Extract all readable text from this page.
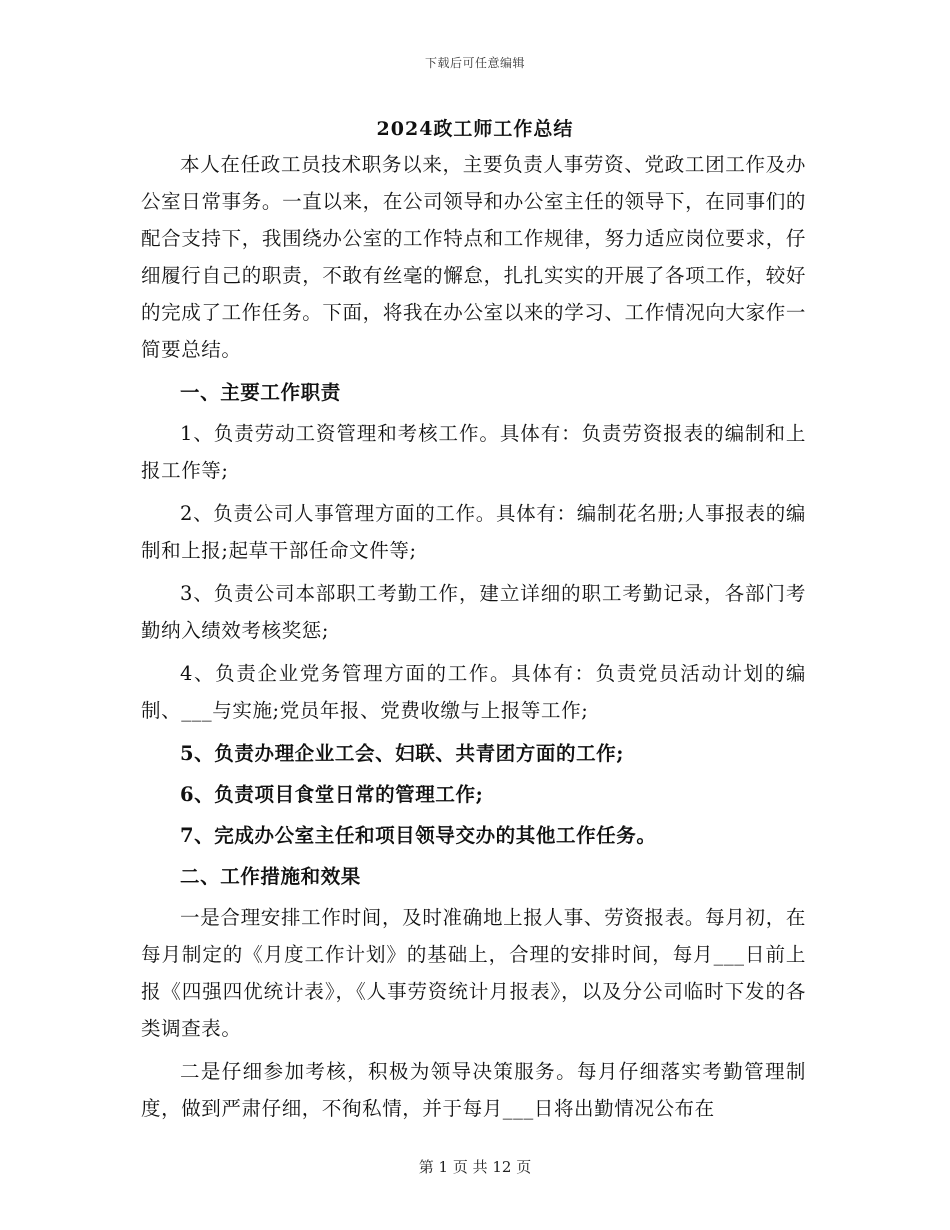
下载后可任意编辑
2024政工师工作总结

本人在任政工员技术职务以来，主要负责人事劳资、党政工团工作及办公室日常事务。一直以来，在公司领导和办公室主任的领导下，在同事们的配合支持下，我围绕办公室的工作特点和工作规律，努力适应岗位要求，仔细履行自己的职责，不敢有丝毫的懈怠，扎扎实实的开展了各项工作，较好的完成了工作任务。下面，将我在办公室以来的学习、工作情况向大家作一简要总结。

一、主要工作职责

1、负责劳动工资管理和考核工作。具体有：负责劳资报表的编制和上报工作等;

2、负责公司人事管理方面的工作。具体有：编制花名册;人事报表的编制和上报;起草干部任命文件等;

3、负责公司本部职工考勤工作，建立详细的职工考勤记录，各部门考勤纳入绩效考核奖惩;

4、负责企业党务管理方面的工作。具体有：负责党员活动计划的编制、___与实施;党员年报、党费收缴与上报等工作;

5、负责办理企业工会、妇联、共青团方面的工作;

6、负责项目食堂日常的管理工作;

7、完成办公室主任和项目领导交办的其他工作任务。

二、工作措施和效果

一是合理安排工作时间，及时准确地上报人事、劳资报表。每月初，在每月制定的《月度工作计划》的基础上，合理的安排时间，每月___日前上报《四强四优统计表》，《人事劳资统计月报表》，以及分公司临时下发的各类调查表。

二是仔细参加考核，积极为领导决策服务。每月仔细落实考勤管理制度，做到严肃仔细，不徇私情，并于每月___日将出勤情况公布在

第 1 页 共 12 页
